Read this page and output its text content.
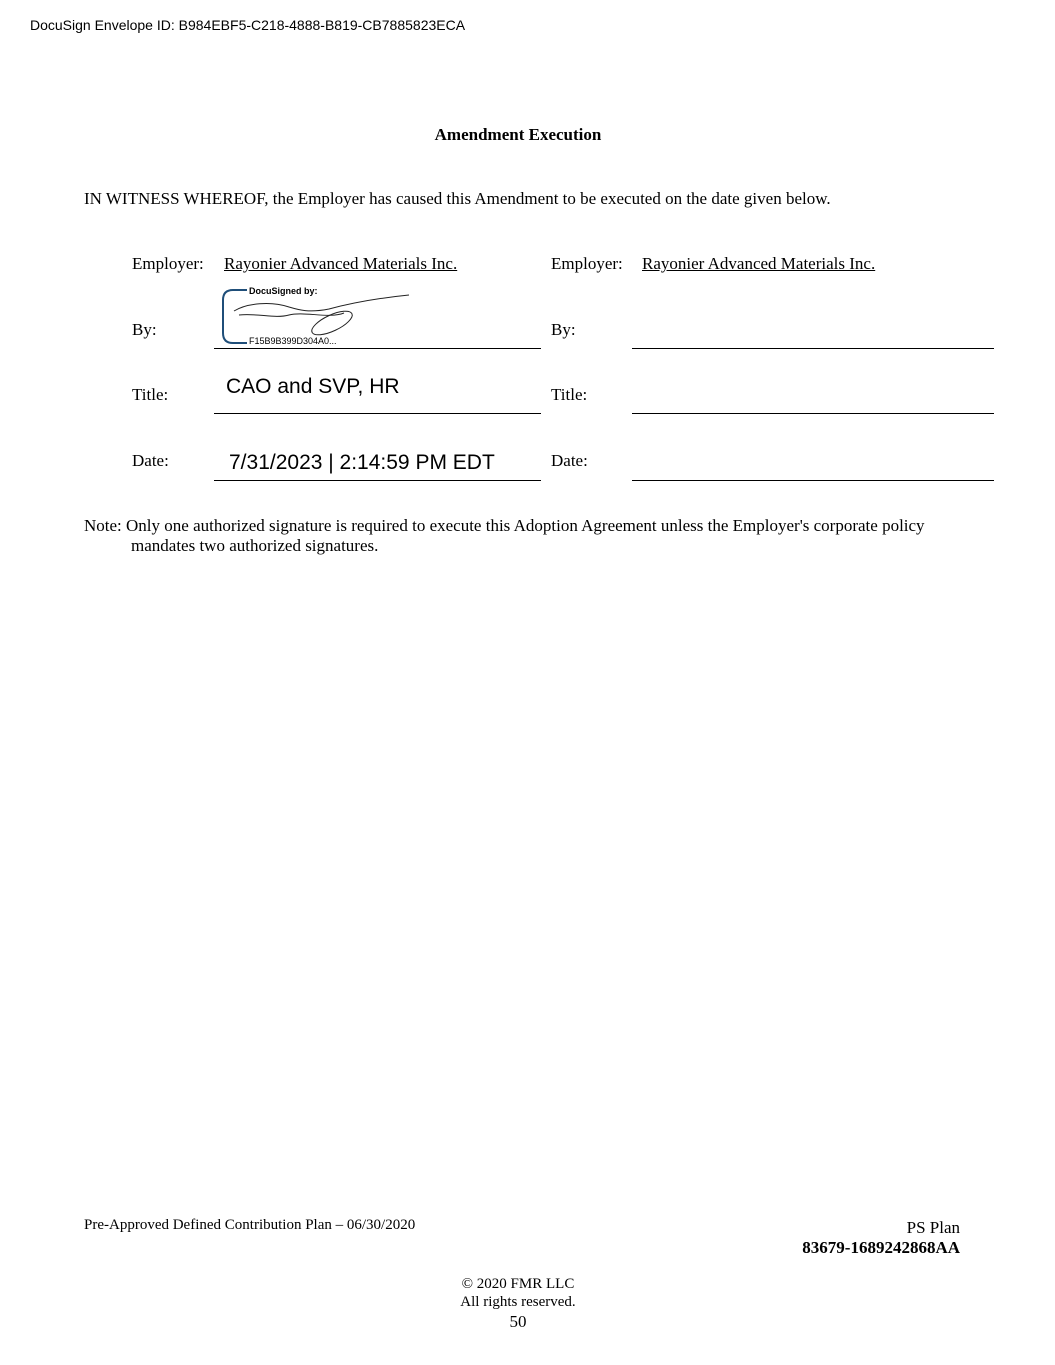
DocuSign Envelope ID: B984EBF5-C218-4888-B819-CB7885823ECA
Amendment Execution
IN WITNESS WHEREOF, the Employer has caused this Amendment to be executed on the date given below.
Employer: Rayonier Advanced Materials Inc.
By:
DocuSigned by:
F15B9B399D304A0...
Title:	CAO and SVP, HR
Date:	7/31/2023 | 2:14:59 PM EDT
Employer: Rayonier Advanced Materials Inc.
By:
Title:
Date:
Note: Only one authorized signature is required to execute this Adoption Agreement unless the Employer's corporate policy
mandates two authorized signatures.
Pre-Approved Defined Contribution Plan – 06/30/2020	PS Plan
83679-1689242868AA
© 2020 FMR LLC
All rights reserved.
50
